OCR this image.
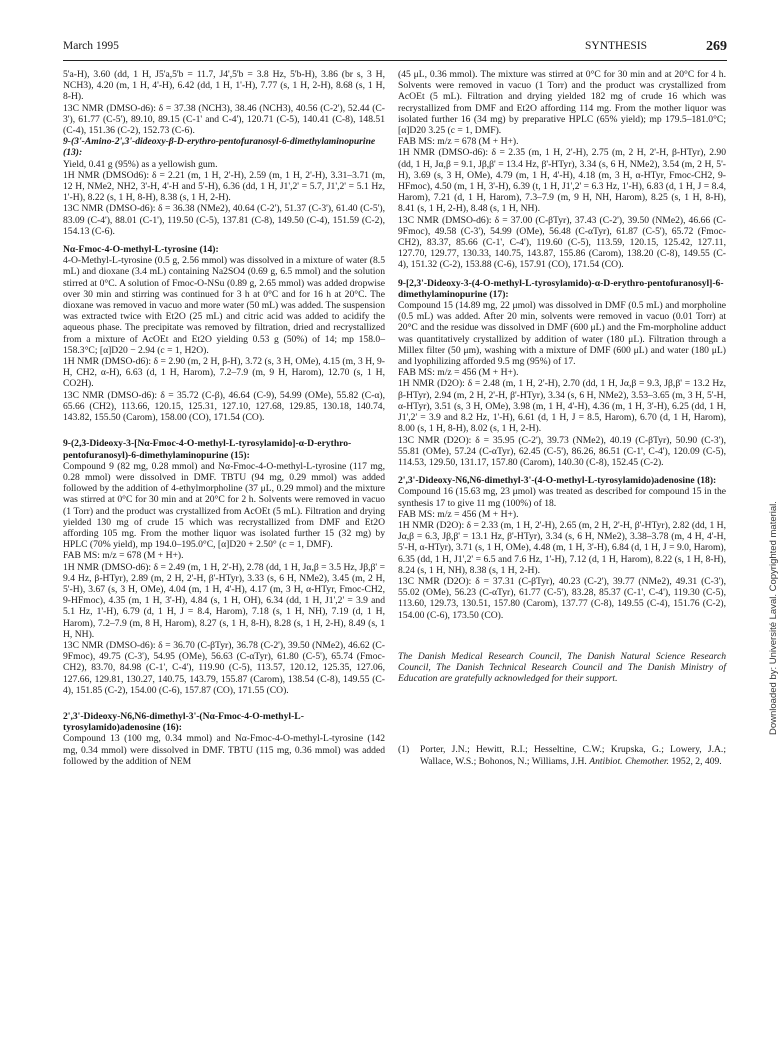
March 1995	SYNTHESIS	269

5'a-H), 3.60 (dd, 1 H, J5'a,5'b = 11.7, J4',5'b = 3.8 Hz, 5'b-H), 3.86 (br s, 3 H, NCH3), 4.20 (m, 1 H, 4'-H), 6.42 (dd, 1 H, 1'-H), 7.77 (s, 1 H, 2-H), 8.68 (s, 1 H, 8-H).

13C NMR (DMSO-d6): δ = 37.38 (NCH3), 38.46 (NCH3), 40.56 (C-2'), 52.44 (C-3'), 61.77 (C-5'), 89.10, 89.15 (C-1' and C-4'), 120.71 (C-5), 140.41 (C-8), 148.51 (C-4), 151.36 (C-2), 152.73 (C-6).

9-(3'-Amino-2',3'-dideoxy-β-D-erythro-pentofuranosyl-6-dimethylaminopurine (13):

Yield, 0.41 g (95%) as a yellowish gum.

1H NMR (DMSOd6): δ = 2.21 (m, 1 H, 2'-H), 2.59 (m, 1 H, 2'-H), 3.31–3.71 (m, 12 H, NMe2, NH2, 3'-H, 4'-H and 5'-H), 6.36 (dd, 1 H, J1',2' = 5.7, J1',2' = 5.1 Hz, 1'-H), 8.22 (s, 1 H, 8-H), 8.38 (s, 1 H, 2-H).

13C NMR (DMSO-d6): δ = 36.38 (NMe2), 40.64 (C-2'), 51.37 (C-3'), 61.40 (C-5'), 83.09 (C-4'), 88.01 (C-1'), 119.50 (C-5), 137.81 (C-8), 149.50 (C-4), 151.59 (C-2), 154.13 (C-6).

Nα-Fmoc-4-O-methyl-L-tyrosine (14):

4-O-Methyl-L-tyrosine (0.5 g, 2.56 mmol) was dissolved in a mixture of water (8.5 mL) and dioxane (3.4 mL) containing Na2SO4 (0.69 g, 6.5 mmol) and the solution stirred at 0°C. A solution of Fmoc-O-NSu (0.89 g, 2.65 mmol) was added dropwise over 30 min and stirring was continued for 3 h at 0°C and for 16 h at 20°C. The dioxane was removed in vacuo and more water (50 mL) was added. The suspension was extracted twice with Et2O (25 mL) and citric acid was added to acidify the aqueous phase. The precipitate was removed by filtration, dried and recrystallized from a mixture of AcOEt and Et2O yielding 0.53 g (50%) of 14; mp 158.0–158.3°C; [α]D20 − 2.94 (c = 1, H2O).

1H NMR (DMSO-d6): δ = 2.90 (m, 2 H, β-H), 3.72 (s, 3 H, OMe), 4.15 (m, 3 H, 9-H, CH2, α-H), 6.63 (d, 1 H, Harom), 7.2–7.9 (m, 9 H, Harom), 12.70 (s, 1 H, CO2H).

13C NMR (DMSO-d6): δ = 35.72 (C-β), 46.64 (C-9), 54.99 (OMe), 55.82 (C-α), 65.66 (CH2), 113.66, 120.15, 125.31, 127.10, 127.68, 129.85, 130.18, 140.74, 143.82, 155.50 (Carom), 158.00 (CO), 171.54 (CO).

9-(2,3-Dideoxy-3-[Nα-Fmoc-4-O-methyl-L-tyrosylamido]-α-D-erythro-pentofuranosyl)-6-dimethylaminopurine (15):

Compound 9 (82 mg, 0.28 mmol) and Nα-Fmoc-4-O-methyl-L-tyrosine (117 mg, 0.28 mmol) were dissolved in DMF. TBTU (94 mg, 0.29 mmol) was added followed by the addition of 4-ethylmorpholine (37 μL, 0.29 mmol) and the mixture was stirred at 0°C for 30 min and at 20°C for 2 h. Solvents were removed in vacuo (1 Torr) and the product was crystallized from AcOEt (5 mL). Filtration and drying yielded 130 mg of crude 15 which was recrystallized from DMF and Et2O affording 105 mg. From the mother liquor was isolated further 15 (32 mg) by HPLC (70% yield), mp 194.0–195.0°C, [α]D20 + 2.50° (c = 1, DMF).

FAB MS: m/z = 678 (M + H+).

1H NMR (DMSO-d6): δ = 2.49 (m, 1 H, 2'-H), 2.78 (dd, 1 H, Jα,β = 3.5 Hz, Jβ,β' = 9.4 Hz, β-HTyr), 2.89 (m, 2 H, 2'-H, β'-HTyr), 3.33 (s, 6 H, NMe2), 3.45 (m, 2 H, 5'-H), 3.67 (s, 3 H, OMe), 4.04 (m, 1 H, 4'-H), 4.17 (m, 3 H, α-HTyr, Fmoc-CH2, 9-HFmoc), 4.35 (m, 1 H, 3'-H), 4.84 (s, 1 H, OH), 6.34 (dd, 1 H, J1',2' = 3.9 and 5.1 Hz, 1'-H), 6.79 (d, 1 H, J = 8.4, Harom), 7.18 (s, 1 H, NH), 7.19 (d, 1 H, Harom), 7.2–7.9 (m, 8 H, Harom), 8.27 (s, 1 H, 8-H), 8.28 (s, 1 H, 2-H), 8.49 (s, 1 H, NH).

13C NMR (DMSO-d6): δ = 36.70 (C-βTyr), 36.78 (C-2'), 39.50 (NMe2), 46.62 (C-9Fmoc), 49.75 (C-3'), 54.95 (OMe), 56.63 (C-αTyr), 61.80 (C-5'), 65.74 (Fmoc-CH2), 83.70, 84.98 (C-1', C-4'), 119.90 (C-5), 113.57, 120.12, 125.35, 127.06, 127.66, 129.81, 130.27, 140.75, 143.79, 155.87 (Carom), 138.54 (C-8), 149.55 (C-4), 151.85 (C-2), 154.00 (C-6), 157.87 (CO), 171.55 (CO).

2',3'-Dideoxy-N6,N6-dimethyl-3'-(Nα-Fmoc-4-O-methyl-L-tyrosylamido)adenosine (16):

Compound 13 (100 mg, 0.34 mmol) and Nα-Fmoc-4-O-methyl-L-tyrosine (142 mg, 0.34 mmol) were dissolved in DMF. TBTU (115 mg, 0.36 mmol) was added followed by the addition of NEM

(45 μL, 0.36 mmol). The mixture was stirred at 0°C for 30 min and at 20°C for 4 h. Solvents were removed in vacuo (1 Torr) and the product was crystallized from AcOEt (5 mL). Filtration and drying yielded 182 mg of crude 16 which was recrystallized from DMF and Et2O affording 114 mg. From the mother liquor was isolated further 16 (34 mg) by preparative HPLC (65% yield); mp 179.5–181.0°C; [α]D20 3.25 (c = 1, DMF).

FAB MS: m/z = 678 (M + H+).

1H NMR (DMSO-d6): δ = 2.35 (m, 1 H, 2'-H), 2.75 (m, 2 H, 2'-H, β-HTyr), 2.90 (dd, 1 H, Jα,β = 9.1, Jβ,β' = 13.4 Hz, β'-HTyr), 3.34 (s, 6 H, NMe2), 3.54 (m, 2 H, 5'-H), 3.69 (s, 3 H, OMe), 4.79 (m, 1 H, 4'-H), 4.18 (m, 3 H, α-HTyr, Fmoc-CH2, 9-HFmoc), 4.50 (m, 1 H, 3'-H), 6.39 (t, 1 H, J1',2' = 6.3 Hz, 1'-H), 6.83 (d, 1 H, J = 8.4, Harom), 7.21 (d, 1 H, Harom), 7.3–7.9 (m, 9 H, NH, Harom), 8.25 (s, 1 H, 8-H), 8.41 (s, 1 H, 2-H), 8.48 (s, 1 H, NH).

13C NMR (DMSO-d6): δ = 37.00 (C-βTyr), 37.43 (C-2'), 39.50 (NMe2), 46.66 (C-9Fmoc), 49.58 (C-3'), 54.99 (OMe), 56.48 (C-αTyr), 61.87 (C-5'), 65.72 (Fmoc-CH2), 83.37, 85.66 (C-1', C-4'), 119.60 (C-5), 113.59, 120.15, 125.42, 127.11, 127.70, 129.77, 130.33, 140.75, 143.87, 155.86 (Carom), 138.20 (C-8), 149.55 (C-4), 151.32 (C-2), 153.88 (C-6), 157.91 (CO), 171.54 (CO).

9-[2,3'-Dideoxy-3-(4-O-methyl-L-tyrosylamido)-α-D-erythro-pentofuranosyl]-6-dimethylaminopurine (17):

Compound 15 (14.89 mg, 22 μmol) was dissolved in DMF (0.5 mL) and morpholine (0.5 mL) was added. After 20 min, solvents were removed in vacuo (0.01 Torr) at 20°C and the residue was dissolved in DMF (600 μL) and the Fm-morpholine adduct was quantitatively crystallized by addition of water (180 μL). Filtration through a Millex filter (50 μm), washing with a mixture of DMF (600 μL) and water (180 μL) and lyophilizing afforded 9.5 mg (95%) of 17.

FAB MS: m/z = 456 (M + H+).

1H NMR (D2O): δ = 2.48 (m, 1 H, 2'-H), 2.70 (dd, 1 H, Jα,β = 9.3, Jβ,β' = 13.2 Hz, β-HTyr), 2.94 (m, 2 H, 2'-H, β'-HTyr), 3.34 (s, 6 H, NMe2), 3.53–3.65 (m, 3 H, 5'-H, α-HTyr), 3.51 (s, 3 H, OMe), 3.98 (m, 1 H, 4'-H), 4.36 (m, 1 H, 3'-H), 6.25 (dd, 1 H, J1',2' = 3.9 and 8.2 Hz, 1'-H), 6.61 (d, 1 H, J = 8.5, Harom), 6.70 (d, 1 H, Harom), 8.00 (s, 1 H, 8-H), 8.02 (s, 1 H, 2-H).

13C NMR (D2O): δ = 35.95 (C-2'), 39.73 (NMe2), 40.19 (C-βTyr), 50.90 (C-3'), 55.81 (OMe), 57.24 (C-αTyr), 62.45 (C-5'), 86.26, 86.51 (C-1', C-4'), 120.09 (C-5), 114.53, 129.50, 131.17, 157.80 (Carom), 140.30 (C-8), 152.45 (C-2).

2',3'-Dideoxy-N6,N6-dimethyl-3'-(4-O-methyl-L-tyrosylamido)adenosine (18):

Compound 16 (15.63 mg, 23 μmol) was treated as described for compound 15 in the synthesis 17 to give 11 mg (100%) of 18.

FAB MS: m/z = 456 (M + H+).

1H NMR (D2O): δ = 2.33 (m, 1 H, 2'-H), 2.65 (m, 2 H, 2'-H, β'-HTyr), 2.82 (dd, 1 H, Jα,β = 6.3, Jβ,β' = 13.1 Hz, β'-HTyr), 3.34 (s, 6 H, NMe2), 3.38–3.78 (m, 4 H, 4'-H, 5'-H, α-HTyr), 3.71 (s, 1 H, OMe), 4.48 (m, 1 H, 3'-H), 6.84 (d, 1 H, J = 9.0, Harom), 6.35 (dd, 1 H, J1',2' = 6.5 and 7.6 Hz, 1'-H), 7.12 (d, 1 H, Harom), 8.22 (s, 1 H, 8-H), 8.24 (s, 1 H, NH), 8.38 (s, 1 H, 2-H).

13C NMR (D2O): δ = 37.31 (C-βTyr), 40.23 (C-2'), 39.77 (NMe2), 49.31 (C-3'), 55.02 (OMe), 56.23 (C-αTyr), 61.77 (C-5'), 83.28, 85.37 (C-1', C-4'), 119.30 (C-5), 113.60, 129.73, 130.51, 157.80 (Carom), 137.77 (C-8), 149.55 (C-4), 151.76 (C-2), 154.00 (C-6), 173.50 (CO).

The Danish Medical Research Council, The Danish Natural Science Research Council, The Danish Technical Research Council and The Danish Ministry of Education are gratefully acknowledged for their support.

(1)	Porter, J.N.; Hewitt, R.I.; Hesseltine, C.W.; Krupska, G.; Lowery, J.A.; Wallace, W.S.; Bohonos, N.; Williams, J.H. Antibiot. Chemother. 1952, 2, 409.
Downloaded by: Université Laval. Copyrighted material.
